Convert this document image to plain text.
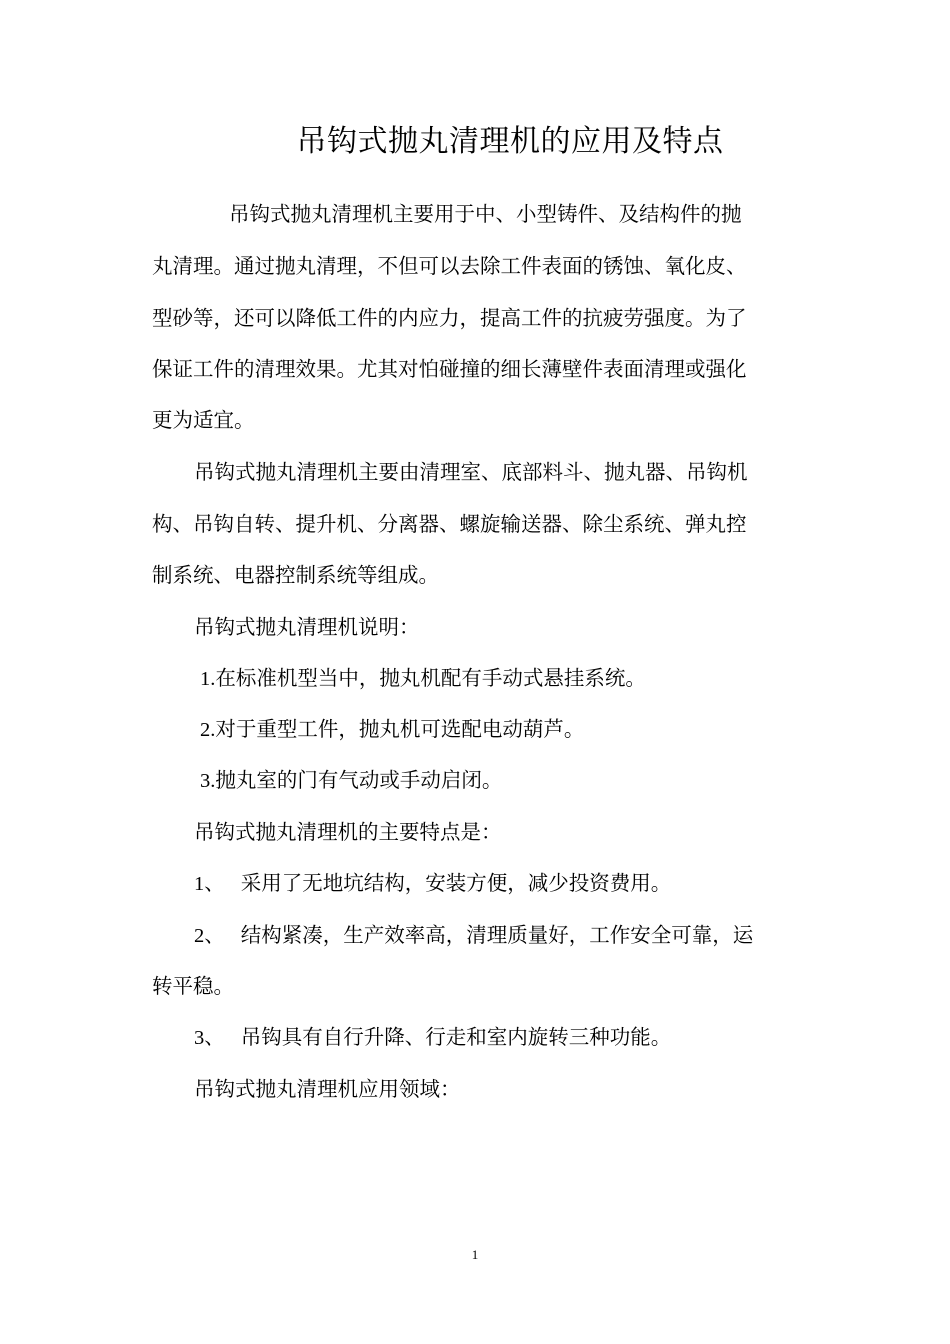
吊钩式抛丸清理机的应用及特点
吊钩式抛丸清理机主要用于中、小型铸件、及结构件的抛
丸清理。通过抛丸清理，不但可以去除工件表面的锈蚀、氧化皮、
型砂等，还可以降低工件的内应力，提高工件的抗疲劳强度。为了
保证工件的清理效果。尤其对怕碰撞的细长薄壁件表面清理或强化
更为适宜。
吊钩式抛丸清理机主要由清理室、底部料斗、抛丸器、吊钩机
构、吊钩自转、提升机、分离器、螺旋输送器、除尘系统、弹丸控
制系统、电器控制系统等组成。
吊钩式抛丸清理机说明：
1.在标准机型当中，抛丸机配有手动式悬挂系统。
2.对于重型工件，抛丸机可选配电动葫芦。
3.抛丸室的门有气动或手动启闭。
吊钩式抛丸清理机的主要特点是：
1、 采用了无地坑结构，安装方便，减少投资费用。
2、 结构紧凑，生产效率高，清理质量好，工作安全可靠，运
转平稳。
3、 吊钩具有自行升降、行走和室内旋转三种功能。
吊钩式抛丸清理机应用领域：
1
